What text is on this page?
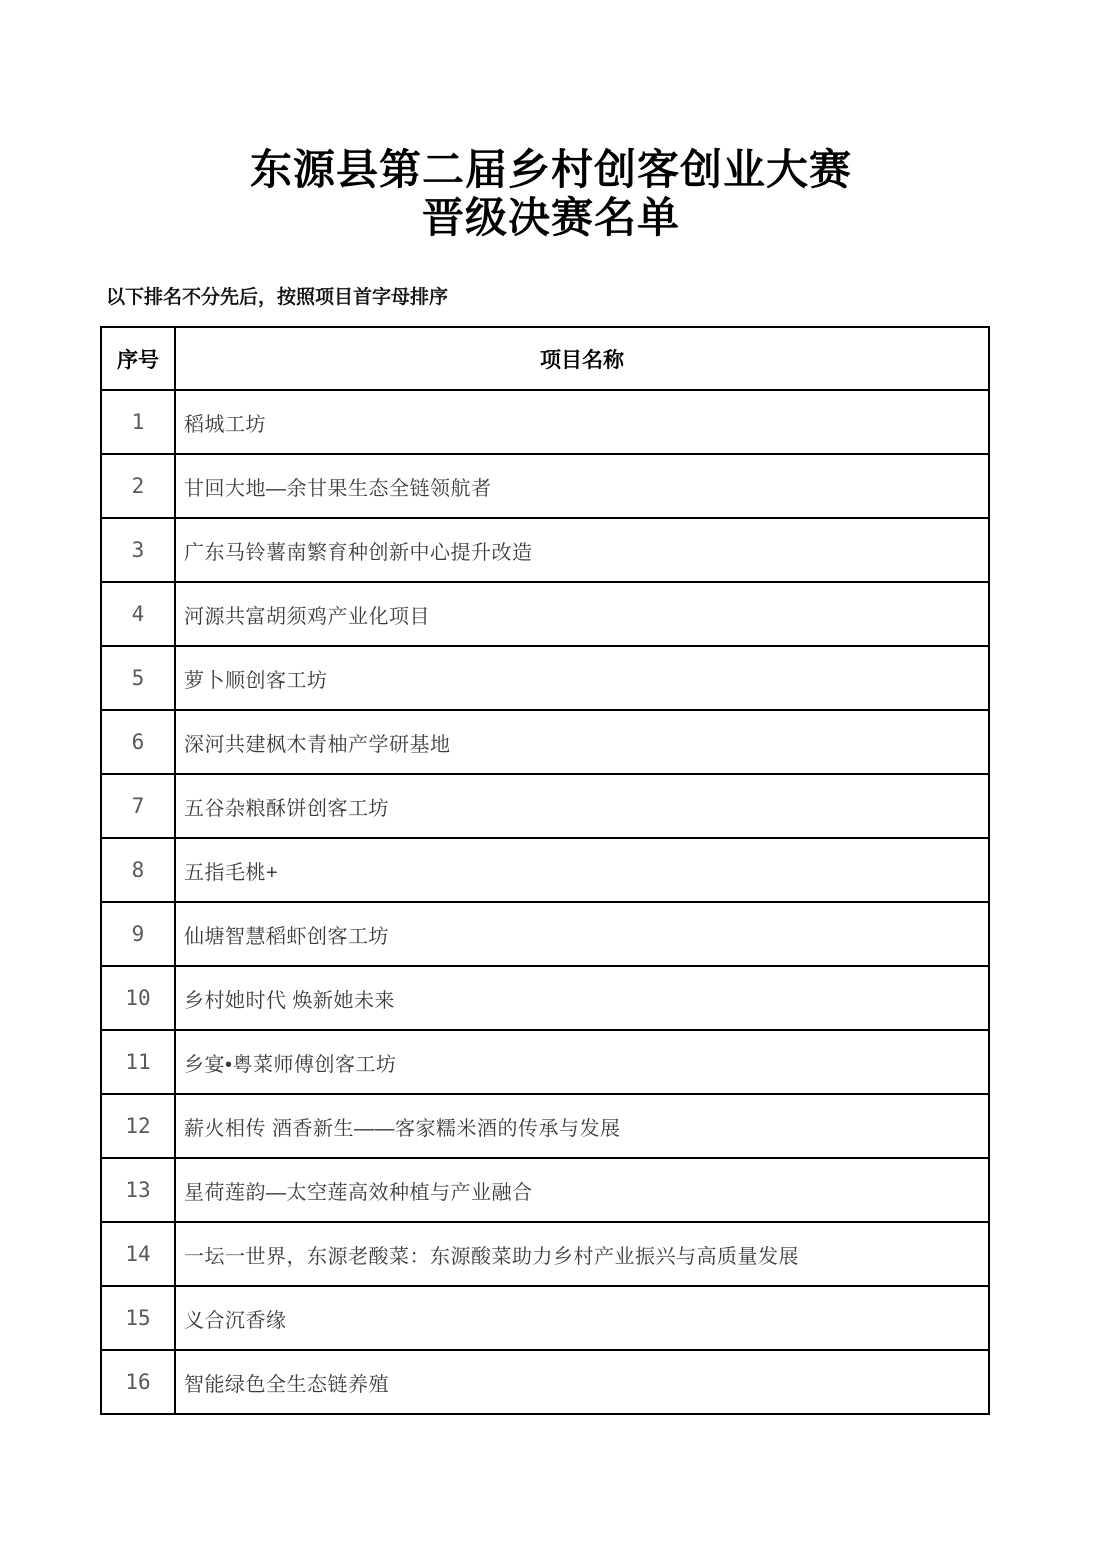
东源县第二届乡村创客创业大赛
晋级决赛名单
以下排名不分先后，按照项目首字母排序
序号	项目名称
1	稻城工坊
2	甘回大地—余甘果生态全链领航者
3	广东马铃薯南繁育种创新中心提升改造
4	河源共富胡须鸡产业化项目
5	萝卜顺创客工坊
6	深河共建枫木青柚产学研基地
7	五谷杂粮酥饼创客工坊
8	五指毛桃+
9	仙塘智慧稻虾创客工坊
10	乡村她时代 焕新她未来
11	乡宴•粤菜师傅创客工坊
12	薪火相传 酒香新生——客家糯米酒的传承与发展
13	星荷莲韵—太空莲高效种植与产业融合
14	一坛一世界，东源老酸菜：东源酸菜助力乡村产业振兴与高质量发展
15	义合沉香缘
16	智能绿色全生态链养殖
